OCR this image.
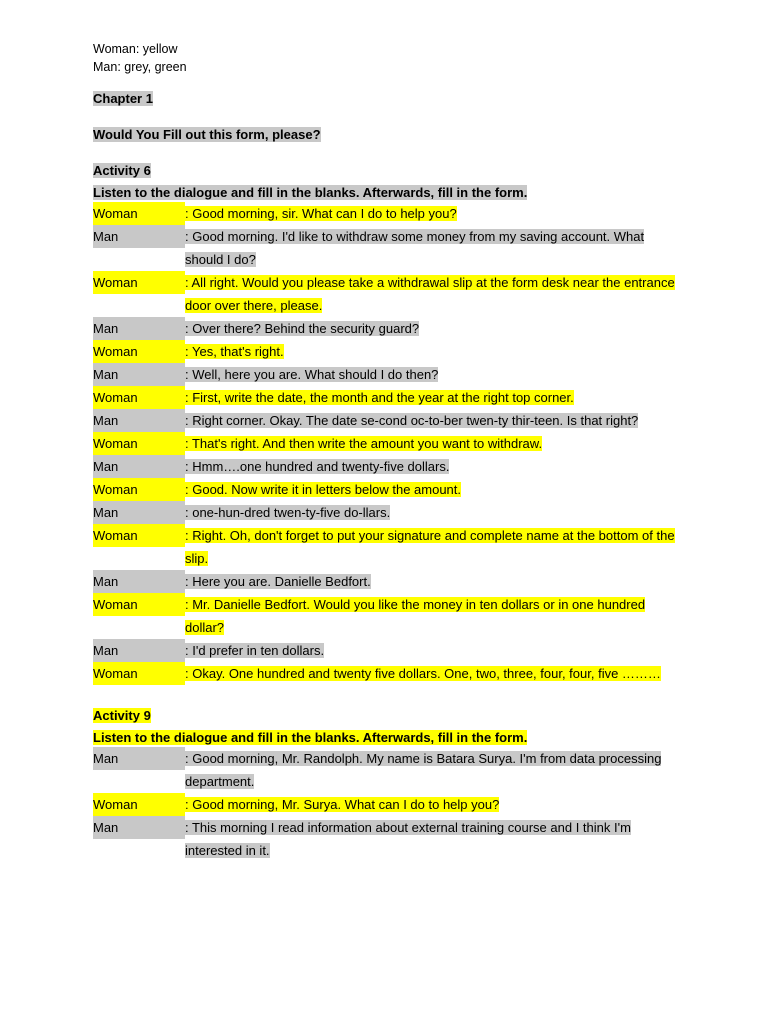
Woman: yellow
Man: grey, green
Chapter 1
Would You Fill out this form, please?
Activity 6
Listen to the dialogue and fill in the blanks. Afterwards, fill in the form.
Woman	: Good morning, sir. What can I do to help you?
Man	: Good morning. I'd like to withdraw some money from my saving account. What should I do?
Woman	: All right. Would you please take a withdrawal slip at the form desk near the entrance door over there, please.
Man	: Over there? Behind the security guard?
Woman	: Yes, that's right.
Man	: Well, here you are. What should I do then?
Woman	: First, write the date, the month and the year at the right top corner.
Man	: Right corner. Okay. The date se-cond oc-to-ber twen-ty thir-teen. Is that right?
Woman	: That's right. And then write the amount you want to withdraw.
Man	: Hmm….one hundred and twenty-five dollars.
Woman	: Good. Now write it in letters below the amount.
Man	: one-hun-dred twen-ty-five do-llars.
Woman	: Right. Oh, don't forget to put your signature and complete name at the bottom of the slip.
Man	: Here you are. Danielle Bedfort.
Woman	: Mr. Danielle Bedfort. Would you like the money in ten dollars or in one hundred dollar?
Man	: I'd prefer in ten dollars.
Woman	: Okay. One hundred and twenty five dollars. One, two, three, four, four, five ………
Activity 9
Listen to the dialogue and fill in the blanks. Afterwards, fill in the form.
Man	: Good morning, Mr. Randolph. My name is Batara Surya. I'm from data processing department.
Woman	: Good morning, Mr. Surya. What can I do to help you?
Man	: This morning I read information about external training course and I think I'm interested in it.
